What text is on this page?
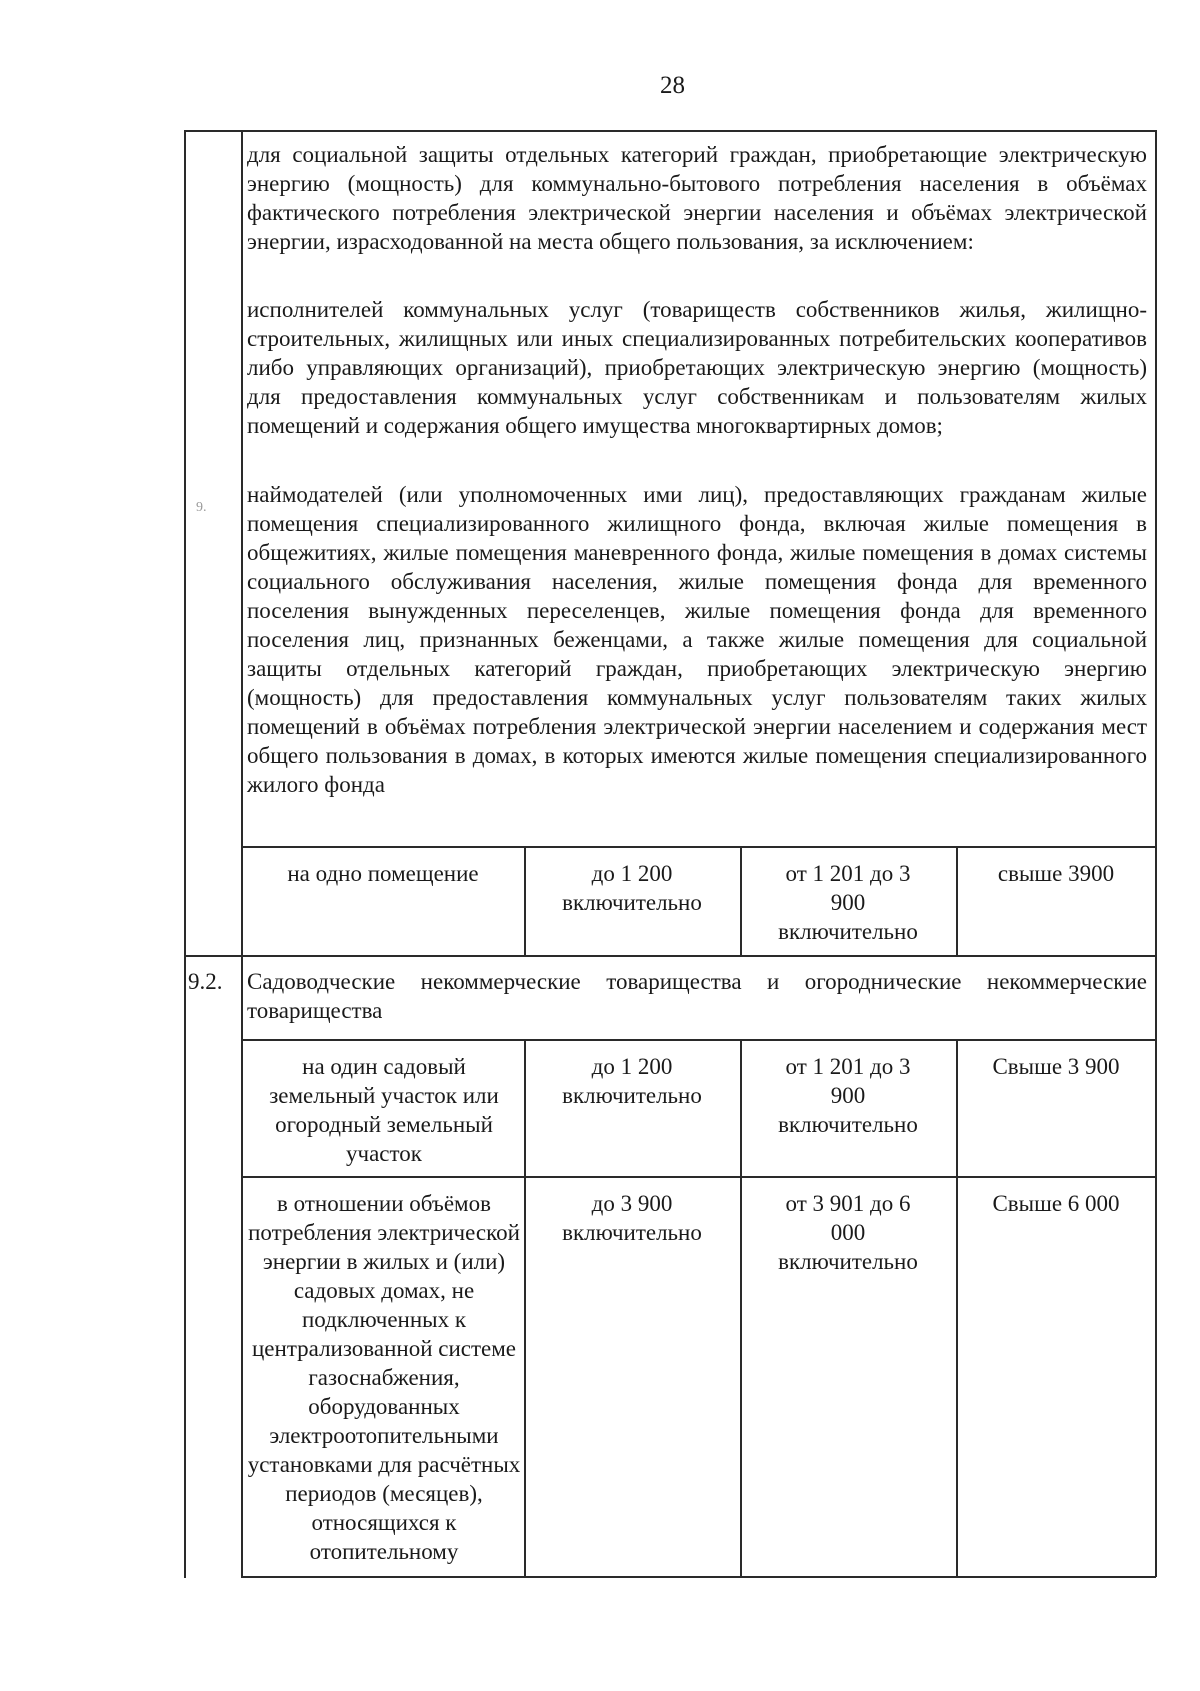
28
для социальной защиты отдельных категорий граждан, приобретающие электрическую энергию (мощность) для коммунально-бытового потребления населения в объёмах фактического потребления электрической энергии населения и объёмах электрической энергии, израсходованной на места общего пользования, за исключением:
исполнителей коммунальных услуг (товариществ собственников жилья, жилищно-строительных, жилищных или иных специализированных потребительских кооперативов либо управляющих организаций), приобретающих электрическую энергию (мощность) для предоставления коммунальных услуг собственникам и пользователям жилых помещений и содержания общего имущества многоквартирных домов;
наймодателей (или уполномоченных ими лиц), предоставляющих гражданам жилые помещения специализированного жилищного фонда, включая жилые помещения в общежитиях, жилые помещения маневренного фонда, жилые помещения в домах системы социального обслуживания населения, жилые помещения фонда для временного поселения вынужденных переселенцев, жилые помещения фонда для временного поселения лиц, признанных беженцами, а также жилые помещения для социальной защиты отдельных категорий граждан, приобретающих электрическую энергию (мощность) для предоставления коммунальных услуг пользователям таких жилых помещений в объёмах потребления электрической энергии населением и содержания мест общего пользования в домах, в которых имеются жилые помещения специализированного жилого фонда
9.
на одно помещение	до 1 200 включительно
от 1 201 до 3 900 включительно
свыше 3900
9.2. Садоводческие некоммерческие товарищества и огороднические некоммерческие товарищества
на один садовый земельный участок или огородный земельный участок
до 1 200 включительно
от 1 201 до 3 900 включительно
Свыше 3 900
в отношении объёмов потребления электрической энергии в жилых и (или) садовых домах, не подключенных к централизованной системе газоснабжения, оборудованных электроотопительными установками для расчётных периодов (месяцев), относящихся к отопительному
до 3 900 включительно
от 3 901 до 6 000 включительно
Свыше 6 000
